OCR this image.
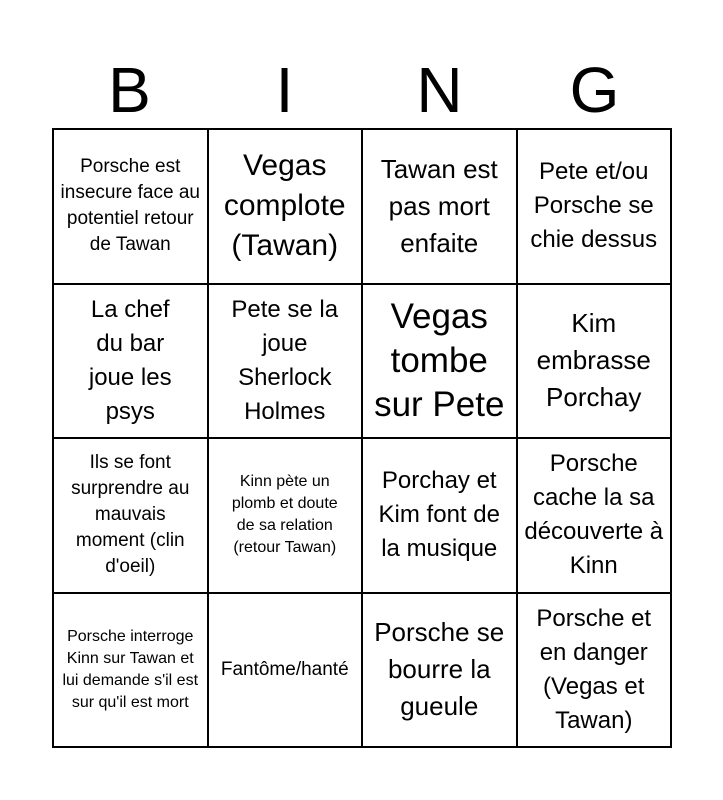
B	I	N	G
Porsche est insecure face au potentiel retour de Tawan
Vegas complote (Tawan)
Tawan est pas mort enfaite
Pete et/ou Porsche se chie dessus
La chef du bar joue les psys
Pete se la joue Sherlock Holmes
Vegas tombe sur Pete
Kim embrasse Porchay
Ils se font surprendre au mauvais moment (clin d'oeil)
Kinn pète un plomb et doute de sa relation (retour Tawan)
Porchay et Kim font de la musique
Porsche cache la sa découverte à Kinn
Porsche interroge Kinn sur Tawan et lui demande s'il est sur qu'il est mort
Fantôme/hanté
Porsche se bourre la gueule
Porsche et en danger (Vegas et Tawan)
